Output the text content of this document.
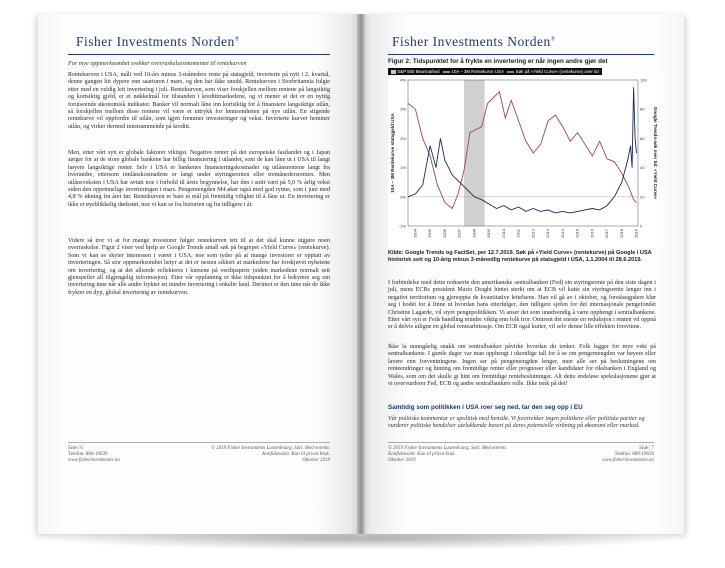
Fisher Investments Norden®
For mye oppmerksomhet svekker overraskelsesmomentet til rentekurven

Rentekurven i USA, målt ved 10-års minus 3-måneders rente på statsgjeld, inverterte på nytt i 2. kvartal, denne gangen litt dypere enn saarturen i mars, og den har ikke snudd. Rentekurven i Storbritannia fulgte etter med en veldig lett invertering i juli. Rentekurven, som viser forskjellen mellom rentene på langsiktig og kortsiktig gjeld, er et nøkkelmål for tilstanden i kredittmarkedene, og vi mener at det er en nyttig forutseende økonomisk indikator. Banker vil normalt låne inn kortsiktig for å finansiere langsiktige utlån, så forskjellen mellom disse rentene vil være et uttrykk for lønnsomheten på nye utlån. En stigende rentekurve vil oppfordre til utlån, som igjen fremmer investeringer og vekst. Inverterte kurver hemmer utlån, og virker dermed innstrammende på kreditt.

Men, etter vårt syn er globale faktorer viktigst. Negative renter på det europeiske fastlandet og i Japan sørger for at de store globale bankene har billig finansiering i utlandet, som de kan låne ut i USA til langt høyere langsiktige renter. Selv i USA er bankenes finansieringskostnader og utlånsrentene langt fra hverandre, ettersom innlånskostnadene er langt under styringsrenten eller tremånedersrenten. Men utlånsveksten i USA har avtatt noe i forhold til årets begynnelse, har den i snitt vært på 5,0 % årlig vekst siden den opprinnelige inverteringen i mars. Pengemengden M4 øker også med god rytme, som i juni med 4,8 % økning fra året før. Rentekurven er bare et mål på fremtidig vilighet til å låne ut. En invertering er ikke et øyeblikkelig dødsstøt, noe vi kan se fra historien og fra tidligere i år.

Videre så tror vi at for mange investorer følger rentekurven tett til at det skal kunne utgjøre noen overraskelse. Figur 2 viser ved hjelp av Google Trends antall søk på begrepet «Yield Curve» (rentekurve). Som vi kan se skyter interessen i været i USA, noe som tyder på at mange investorer er opptatt av inverteringen. Så stor oppmerksomhet betyr at det er nesten sikkert at markedene har forskjøvet nyhetene om invertering, og at det allerede reflekteres i kursene på verdipapirer (siden markedene normalt sett gjenspeiler all tilgjengelig informasjon). Etter vår oppfatning er ikke tidspunktet for å bekymre seg om invertering inne når alle andre frykter en mindre invertering i enkelte land. Derimot er den inne når de ikke frykter en dyp, global invertering av rentekurven.

Side | 6
Telefon: 800-19639
www.fisherinvestments.no
© 2019 Fisher Investments Luxembourg, Sàrl. Med enerett.
Konfidensielt. Kun til privat bruk.
Oktober 2019
Fisher Investments Norden®
Figur 2: Tidspunktet for å frykte en invertering er når ingen andre gjør det
S&P 500 Bearmarked	10A – 3M Rentekurve USA	Søk på «Yield Curve» (rentekurve) over tid
-1%
0%
1%
2%
3%
4%
0
20
40
60
80
100
2004 2005 2006 2007 2008 2009 2010 2011 2012 2013 2014 2015 2016 2017 2018 2019
10A – 3M Rentekurve statsgjeld USA	Google Trends-søk over tid: «Yield Curve»
Kilde: Google Trends og FactSet, per 12.7.2019. Søk på «Yield Curve» (rentekurve) på Google i USA historisk sett og 10-årig minus 3-månedlig rentekurve på statsgjeld i USA, 1.1.2004 til 28.6.2019.

I forbindelse med dette reduserte den amerikanske sentralbanken (Fed) sin styringsrente på den siste dagen i juli, mens ECBs president Mario Draghi hintet sterkt om at ECB vil kutte sin styringsrente lenger inn i negativt territorium og gjenoppta de kvantitative lettelsene. Han vil gå av i oktober, og forståsegpåere klør seg i hodet for å finne ut hvordan hans etterfølger, den tidligere sjefen for det internasjonale pengefondet Christine Lagarde, vil styre pengepolitikken. Vi anser det som unødvendig å være opphengt i sentralbankene. Etter vårt syn er Feds handling mindre viktig enn folk tror. Omtrent det eneste en reduksjon i renten vil oppnå er å delvis utligne en global rentearbitrasje. Om ECB også kutter, vil selv denne lille effekten forsvinne.

Ikke la uunngåelig snakk om sentralbanker påvirke hvordan du tenker. Folk legger for mye vekt på sentralbankene. I gamle dager var man opphengt i ukentlige tall for å se om pengemengden var høyere eller lavere enn forventningene. Ingen ser på pengemengden lenger, men alle ser på beslutningene om renteendringer og hinting om fremtidige renter eller prognoser eller kandidater for riksbanken i England og Wales, som om det skulle gi hint om fremtidige rentebeslutninger. Alt dette endeløse spekulasjonene gjør at vi overvurderer Fed, ECB og andre sentralbankers rolle. Ikke tenk på det!

Samtidig som politikken i USA roer seg ned, tar den seg opp i EU

Vår politiske kommentar er upolitisk med hensikt. Vi foretrekker ingen politikere eller politiske partier og vurderer politiske hendelser utelukkende basert på deres potensielle virkning på økonomi eller marked.

© 2019 Fisher Investments Luxembourg, Sàrl. Med enerett.
Konfidensielt. Kun til privat bruk.
Oktober 2019
Side | 7
Telefon: 800-19639
www.fisherinvestments.no
